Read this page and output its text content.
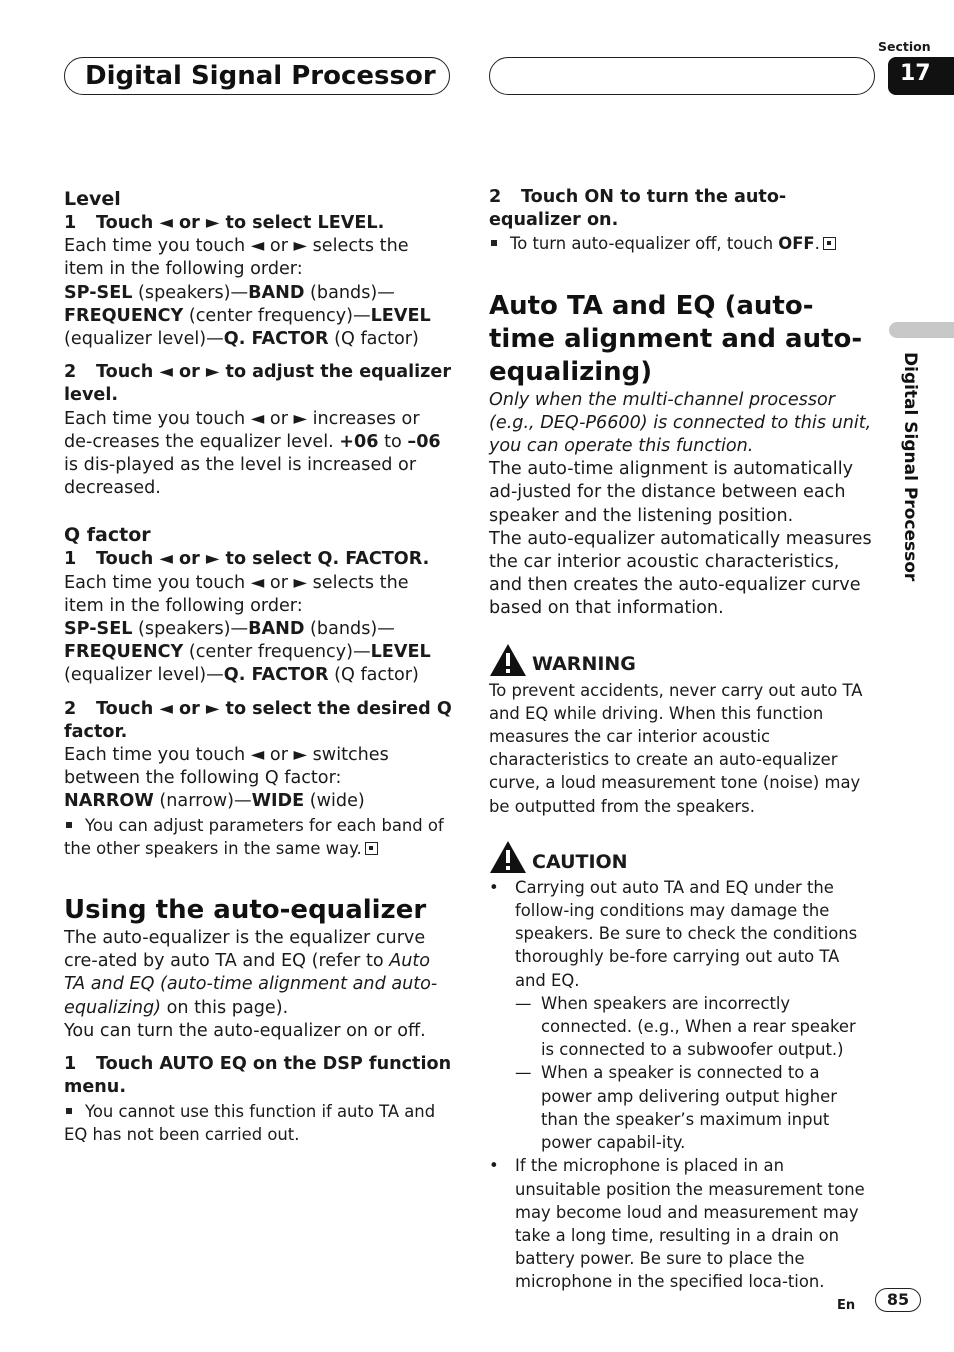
Digital Signal Processor
Section
17
Digital Signal Processor

Level

1 Touch ◄ or ► to select LEVEL.

Each time you touch ◄ or ► selects the item in the following order:

SP-SEL (speakers)—BAND (bands)—FREQUENCY (center frequency)—LEVEL (equalizer level)—Q. FACTOR (Q factor)

2 Touch ◄ or ► to adjust the equalizer level.

Each time you touch ◄ or ► increases or de-creases the equalizer level. +06 to –06 is dis-played as the level is increased or decreased.

Q factor

1 Touch ◄ or ► to select Q. FACTOR.

Each time you touch ◄ or ► selects the item in the following order:

SP-SEL (speakers)—BAND (bands)—FREQUENCY (center frequency)—LEVEL (equalizer level)—Q. FACTOR (Q factor)

2 Touch ◄ or ► to select the desired Q factor.

Each time you touch ◄ or ► switches between the following Q factor:

NARROW (narrow)—WIDE (wide)

You can adjust parameters for each band of the other speakers in the same way.

Using the auto-equalizer

The auto-equalizer is the equalizer curve cre-ated by auto TA and EQ (refer to Auto TA and EQ (auto-time alignment and auto-equalizing) on this page).

You can turn the auto-equalizer on or off.

1 Touch AUTO EQ on the DSP function menu.

You cannot use this function if auto TA and EQ has not been carried out.

2 Touch ON to turn the auto-equalizer on.

To turn auto-equalizer off, touch OFF.

Auto TA and EQ (auto-time alignment and auto-equalizing)

Only when the multi-channel processor (e.g., DEQ-P6600) is connected to this unit, you can operate this function.

The auto-time alignment is automatically ad-justed for the distance between each speaker and the listening position.

The auto-equalizer automatically measures the car interior acoustic characteristics, and then creates the auto-equalizer curve based on that information.

WARNING

To prevent accidents, never carry out auto TA and EQ while driving. When this function measures the car interior acoustic characteristics to create an auto-equalizer curve, a loud measurement tone (noise) may be outputted from the speakers.

CAUTION
• Carrying out auto TA and EQ under the follow-ing conditions may damage the speakers. Be sure to check the conditions thoroughly be-fore carrying out auto TA and EQ.
— When speakers are incorrectly connected. (e.g., When a rear speaker is connected to a subwoofer output.)
— When a speaker is connected to a power amp delivering output higher than the speaker’s maximum input power capabil-ity.
• If the microphone is placed in an unsuitable position the measurement tone may become loud and measurement may take a long time, resulting in a drain on battery power. Be sure to place the microphone in the specified loca-tion.
En	85
